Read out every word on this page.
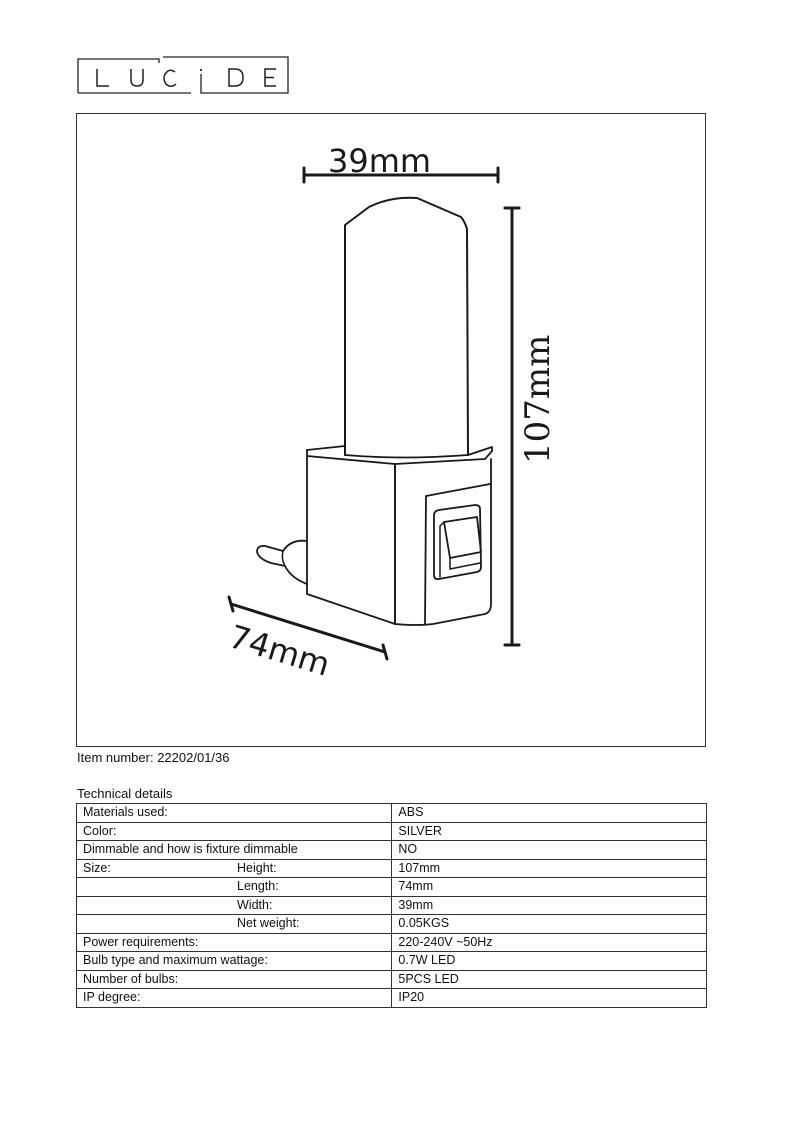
39mm
107mm
74mm
Item number: 22202/01/36
Technical details
Materials used:	ABS
Color:	SILVER
Dimmable and how is fixture dimmable	NO
Size: Height:	107mm

Length:	74mm

Width:	39mm

Net weight:	0.05KGS
Power requirements:	220-240V ~50Hz
Bulb type and maximum wattage:	0.7W LED
Number of bulbs:	5PCS LED
IP degree:	IP20
